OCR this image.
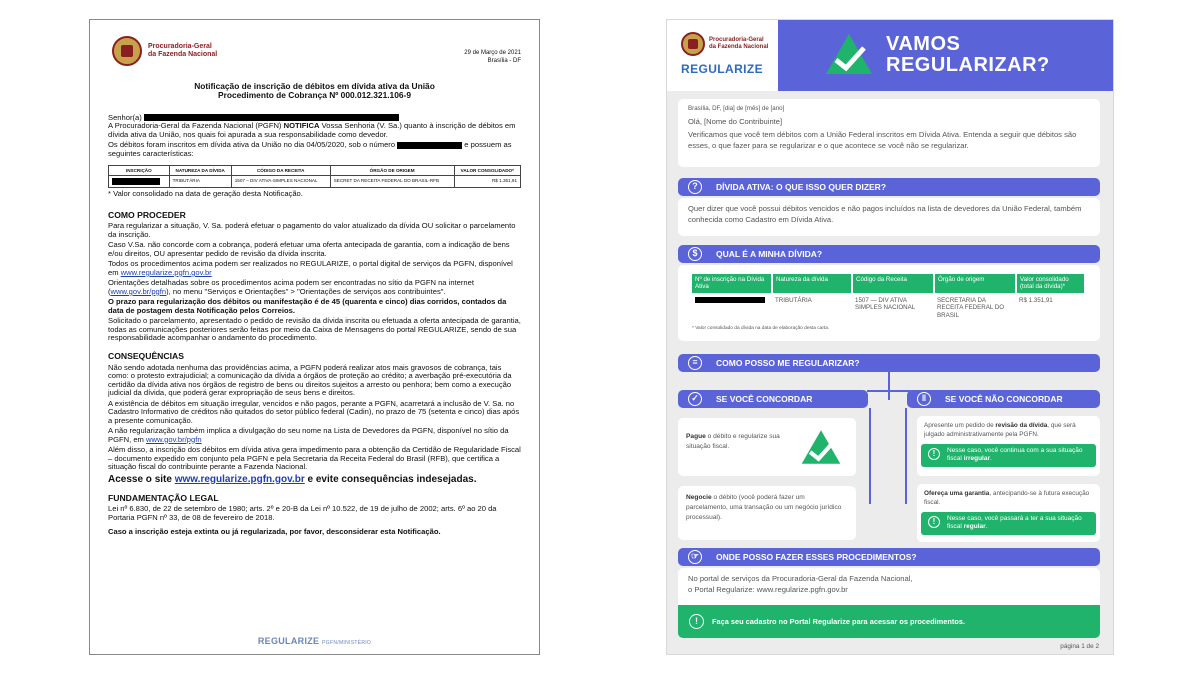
Procuradoria-Geral da Fazenda Nacional	29 de Março de 2021
Brasília - DF
Notificação de inscrição de débitos em dívida ativa da União
Procedimento de Cobrança Nº 000.012.321.106-9
Senhor(a)
A Procuradoria-Geral da Fazenda Nacional (PGFN) NOTIFICA Vossa Senhoria (V. Sa.) quanto à inscrição de débitos em dívida ativa da União, nos quais foi apurada a sua responsabilidade como devedor.
Os débitos foram inscritos em dívida ativa da União no dia 04/05/2020, sob o número	e possuem as seguintes características:
INSCRIÇÃO	NATUREZA DA DÍVIDA	CÓDIGO DA RECEITA	ÓRGÃO DE ORIGEM	VALOR CONSOLIDADO*
	TRIBUTÁRIA	1507 – DIV ATIVA-SIMPLES NACIONAL	SECRET DA RECEITA FEDERAL DO BRASIL-RFB	R$ 1.351,91
* Valor consolidado na data de geração desta Notificação.
COMO PROCEDER
Para regularizar a situação, V. Sa. poderá efetuar o pagamento do valor atualizado da dívida OU solicitar o parcelamento da inscrição.
Caso V.Sa. não concorde com a cobrança, poderá efetuar uma oferta antecipada de garantia, com a indicação de bens e/ou direitos, OU apresentar pedido de revisão da dívida inscrita.
Todos os procedimentos acima podem ser realizados no REGULARIZE, o portal digital de serviços da PGFN, disponível em www.regularize.pgfn.gov.br
Orientações detalhadas sobre os procedimentos acima podem ser encontradas no sítio da PGFN na internet (www.gov.br/pgfn), no menu "Serviços e Orientações" > "Orientações de serviços aos contribuintes".
O prazo para regularização dos débitos ou manifestação é de 45 (quarenta e cinco) dias corridos, contados da data de postagem desta Notificação pelos Correios.
Solicitado o parcelamento, apresentado o pedido de revisão da dívida inscrita ou efetuada a oferta antecipada de garantia, todas as comunicações posteriores serão feitas por meio da Caixa de Mensagens do portal REGULARIZE, sendo de sua responsabilidade acompanhar o andamento do procedimento.
CONSEQUÊNCIAS
Não sendo adotada nenhuma das providências acima, a PGFN poderá realizar atos mais gravosos de cobrança, tais como: o protesto extrajudicial; a comunicação da dívida a órgãos de proteção ao crédito; a averbação pré-executória da certidão da dívida ativa nos órgãos de registro de bens ou direitos sujeitos a arresto ou penhora; bem como a execução judicial da dívida, que poderá gerar expropriação de seus bens e direitos.
A existência de débitos em situação irregular, vencidos e não pagos, perante a PGFN, acarretará a inclusão de V. Sa. no Cadastro Informativo de créditos não quitados do setor público federal (Cadin), no prazo de 75 (setenta e cinco) dias após a presente comunicação.
A não regularização também implica a divulgação do seu nome na Lista de Devedores da PGFN, disponível no sítio da PGFN, em www.gov.br/pgfn
Além disso, a inscrição dos débitos em dívida ativa gera impedimento para a obtenção da Certidão de Regularidade Fiscal – documento expedido em conjunto pela PGFN e pela Secretaria da Receita Federal do Brasil (RFB), que certifica a situação fiscal do contribuinte perante a Fazenda Nacional.
Acesse o site www.regularize.pgfn.gov.br e evite consequências indesejadas.
FUNDAMENTAÇÃO LEGAL
Lei nº 6.830, de 22 de setembro de 1980; arts. 2º e 20-B da Lei nº 10.522, de 19 de julho de 2002; arts. 6º ao 20 da Portaria PGFN nº 33, de 08 de fevereiro de 2018.
Caso a inscrição esteja extinta ou já regularizada, por favor, desconsiderar esta Notificação.
REGULARIZE PGFN/MINISTÉRIO
Procuradoria-Geral da Fazenda Nacional
REGULARIZE
VAMOS
REGULARIZAR?
Brasília, DF, [dia] de [mês] de [ano]
Olá, [Nome do Contribuinte]
Verificamos que você tem débitos com a União Federal inscritos em Dívida Ativa. Entenda a seguir que débitos são esses, o que fazer para se regularizar e o que acontece se você não se regularizar.
?	DÍVIDA ATIVA: O QUE ISSO QUER DIZER?
Quer dizer que você possui débitos vencidos e não pagos incluídos na lista de devedores da União Federal, também conhecida como Cadastro em Dívida Ativa.
$	QUAL É A MINHA DÍVIDA?
Nº de inscrição na Dívida Ativa	Natureza da dívida	Código da Receita	Órgão de origem	Valor consolidado (total da dívida)*
	TRIBUTÁRIA	1507 — DIV ATIVA SIMPLES NACIONAL	SECRETARIA DA RECEITA FEDERAL DO BRASIL	R$ 1.351,91
* Valor consolidado da dívida na data de elaboração desta carta.
≡	COMO POSSO ME REGULARIZAR?
✓	SE VOCÊ CONCORDAR	ǁ	SE VOCÊ NÃO CONCORDAR
Pague o débito e regularize sua situação fiscal.
Negocie o débito (você poderá fazer um parcelamento, uma transação ou um negócio jurídico processual).
Apresente um pedido de revisão da dívida, que será julgado administrativamente pela PGFN.
!	Nesse caso, você continua com a sua situação fiscal irregular.
Ofereça uma garantia, antecipando-se à futura execução fiscal.
!	Nesse caso, você passará a ter a sua situação fiscal regular.
☞	ONDE POSSO FAZER ESSES PROCEDIMENTOS?
No portal de serviços da Procuradoria-Geral da Fazenda Nacional,
o Portal Regularize: www.regularize.pgfn.gov.br
!	Faça seu cadastro no Portal Regularize para acessar os procedimentos.
página 1 de 2
